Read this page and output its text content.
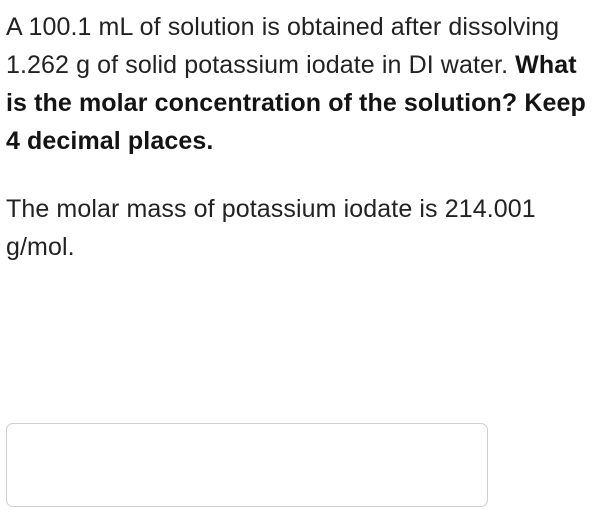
A 100.1 mL of solution is obtained after dissolving 1.262 g of solid potassium iodate in DI water. What is the molar concentration of the solution? Keep 4 decimal places.

The molar mass of potassium iodate is 214.001 g/mol.
